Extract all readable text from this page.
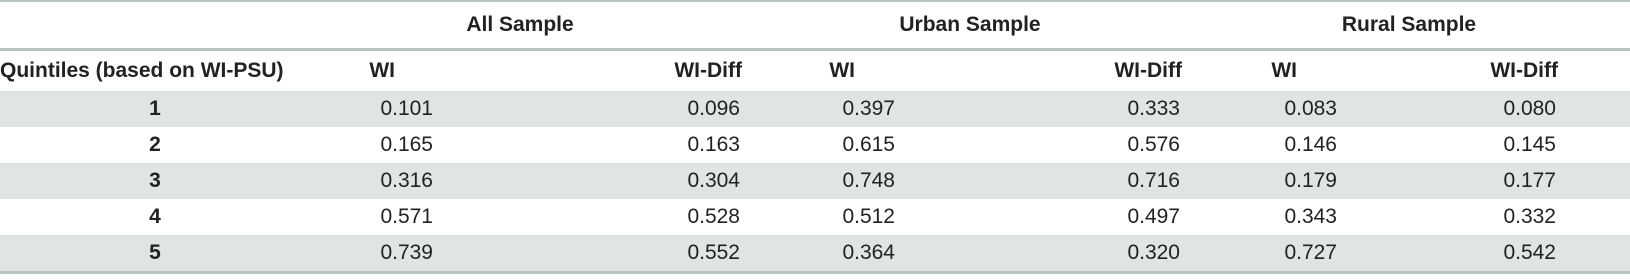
	All Sample		Urban Sample		Rural Sample	
Quintiles (based on WI-PSU)	WI	WI-Diff	WI	WI-Diff	WI	WI-Diff
1	0.101	0.096	0.397	0.333	0.083	0.080
2	0.165	0.163	0.615	0.576	0.146	0.145
3	0.316	0.304	0.748	0.716	0.179	0.177
4	0.571	0.528	0.512	0.497	0.343	0.332
5	0.739	0.552	0.364	0.320	0.727	0.542
